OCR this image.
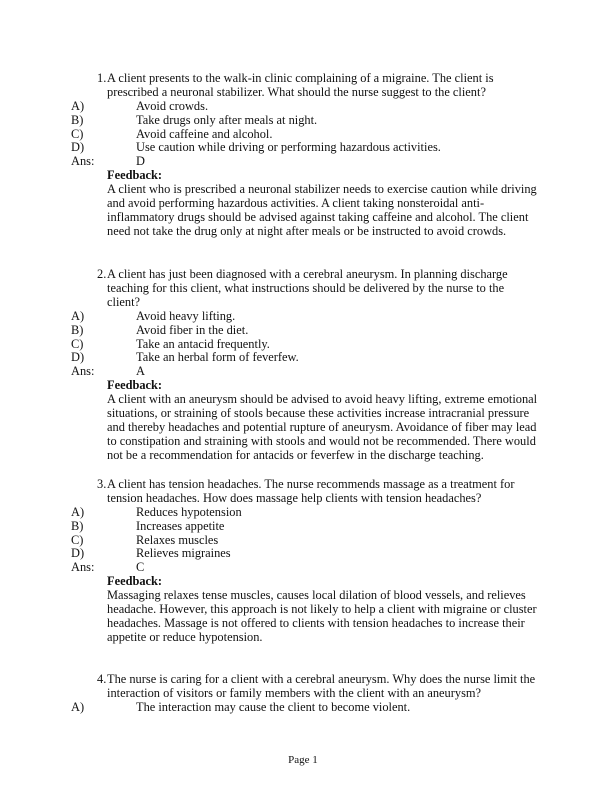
1. A client presents to the walk-in clinic complaining of a migraine. The client is prescribed a neuronal stabilizer. What should the nurse suggest to the client?
A)	Avoid crowds.
B)	Take drugs only after meals at night.
C)	Avoid caffeine and alcohol.
D)	Use caution while driving or performing hazardous activities.
Ans:	D
Feedback:
A client who is prescribed a neuronal stabilizer needs to exercise caution while driving and avoid performing hazardous activities. A client taking nonsteroidal anti-inflammatory drugs should be advised against taking caffeine and alcohol. The client need not take the drug only at night after meals or be instructed to avoid crowds.
2. A client has just been diagnosed with a cerebral aneurysm. In planning discharge teaching for this client, what instructions should be delivered by the nurse to the client?
A)	Avoid heavy lifting.
B)	Avoid fiber in the diet.
C)	Take an antacid frequently.
D)	Take an herbal form of feverfew.
Ans:	A
Feedback:
A client with an aneurysm should be advised to avoid heavy lifting, extreme emotional situations, or straining of stools because these activities increase intracranial pressure and thereby headaches and potential rupture of aneurysm. Avoidance of fiber may lead to constipation and straining with stools and would not be recommended. There would not be a recommendation for antacids or feverfew in the discharge teaching.
3. A client has tension headaches. The nurse recommends massage as a treatment for tension headaches. How does massage help clients with tension headaches?
A)	Reduces hypotension
B)	Increases appetite
C)	Relaxes muscles
D)	Relieves migraines
Ans:	C
Feedback:
Massaging relaxes tense muscles, causes local dilation of blood vessels, and relieves headache. However, this approach is not likely to help a client with migraine or cluster headaches. Massage is not offered to clients with tension headaches to increase their appetite or reduce hypotension.
4. The nurse is caring for a client with a cerebral aneurysm. Why does the nurse limit the interaction of visitors or family members with the client with an aneurysm?
A)	The interaction may cause the client to become violent.
Page 1
